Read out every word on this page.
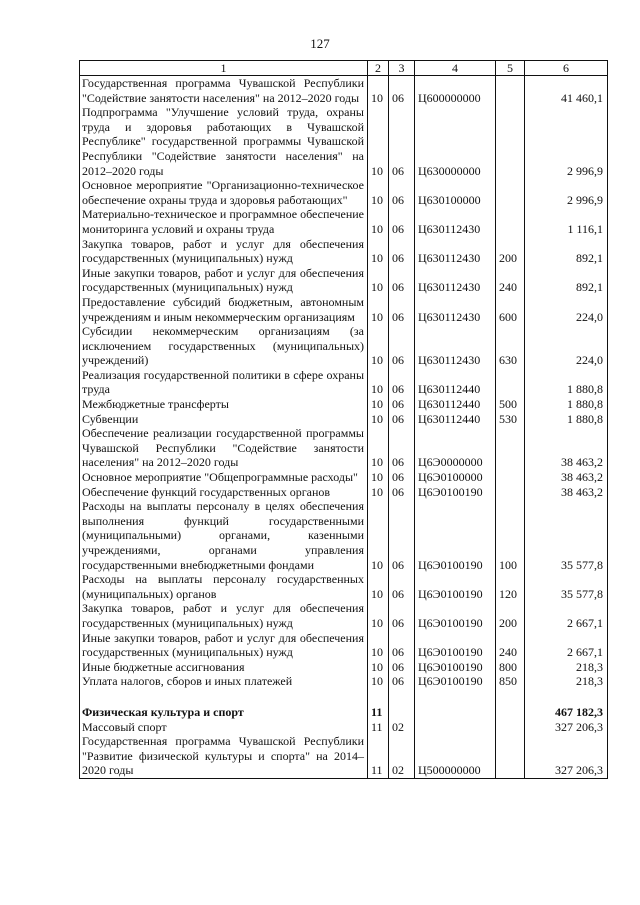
127
1	2	3	4	5	6
Государственная программа Чувашской Республики "Содействие занятости населения" на 2012–2020 годы	10	06	Ц600000000		41 460,1
Подпрограмма "Улучшение условий труда, охраны труда и здоровья работающих в Чувашской Республике" государственной программы Чувашской Республики "Содействие занятости населения" на 2012–2020 годы	10	06	Ц630000000		2 996,9
Основное мероприятие "Организационно-техническое обеспечение охраны труда и здоровья работающих"	10	06	Ц630100000		2 996,9
Материально-техническое и программное обеспечение мониторинга условий и охраны труда	10	06	Ц630112430		1 116,1
Закупка товаров, работ и услуг для обеспечения государственных (муниципальных) нужд	10	06	Ц630112430	200	892,1
Иные закупки товаров, работ и услуг для обеспечения государственных (муниципальных) нужд	10	06	Ц630112430	240	892,1
Предоставление субсидий бюджетным, автономным учреждениям и иным некоммерческим организациям	10	06	Ц630112430	600	224,0
Субсидии некоммерческим организациям (за исключением государственных (муниципальных) учреждений)	10	06	Ц630112430	630	224,0
Реализация государственной политики в сфере охраны труда	10	06	Ц630112440		1 880,8
Межбюджетные трансферты	10	06	Ц630112440	500	1 880,8
Субвенции	10	06	Ц630112440	530	1 880,8
Обеспечение реализации государственной программы Чувашской Республики "Содействие занятости населения" на 2012–2020 годы	10	06	Ц6Э0000000		38 463,2
Основное мероприятие "Общепрограммные расходы"	10	06	Ц6Э0100000		38 463,2
Обеспечение функций государственных органов	10	06	Ц6Э0100190		38 463,2
Расходы на выплаты персоналу в целях обеспечения выполнения функций государственными (муниципальными) органами, казенными учреждениями, органами управления государственными внебюджетными фондами	10	06	Ц6Э0100190	100	35 577,8
Расходы на выплаты персоналу государственных (муниципальных) органов	10	06	Ц6Э0100190	120	35 577,8
Закупка товаров, работ и услуг для обеспечения государственных (муниципальных) нужд	10	06	Ц6Э0100190	200	2 667,1
Иные закупки товаров, работ и услуг для обеспечения государственных (муниципальных) нужд	10	06	Ц6Э0100190	240	2 667,1
Иные бюджетные ассигнования	10	06	Ц6Э0100190	800	218,3
Уплата налогов, сборов и иных платежей	10	06	Ц6Э0100190	850	218,3

Физическая культура и спорт	11				467 182,3
Массовый спорт	11	02			327 206,3
Государственная программа Чувашской Республики "Развитие физической культуры и спорта" на 2014–2020 годы	11	02	Ц500000000		327 206,3
